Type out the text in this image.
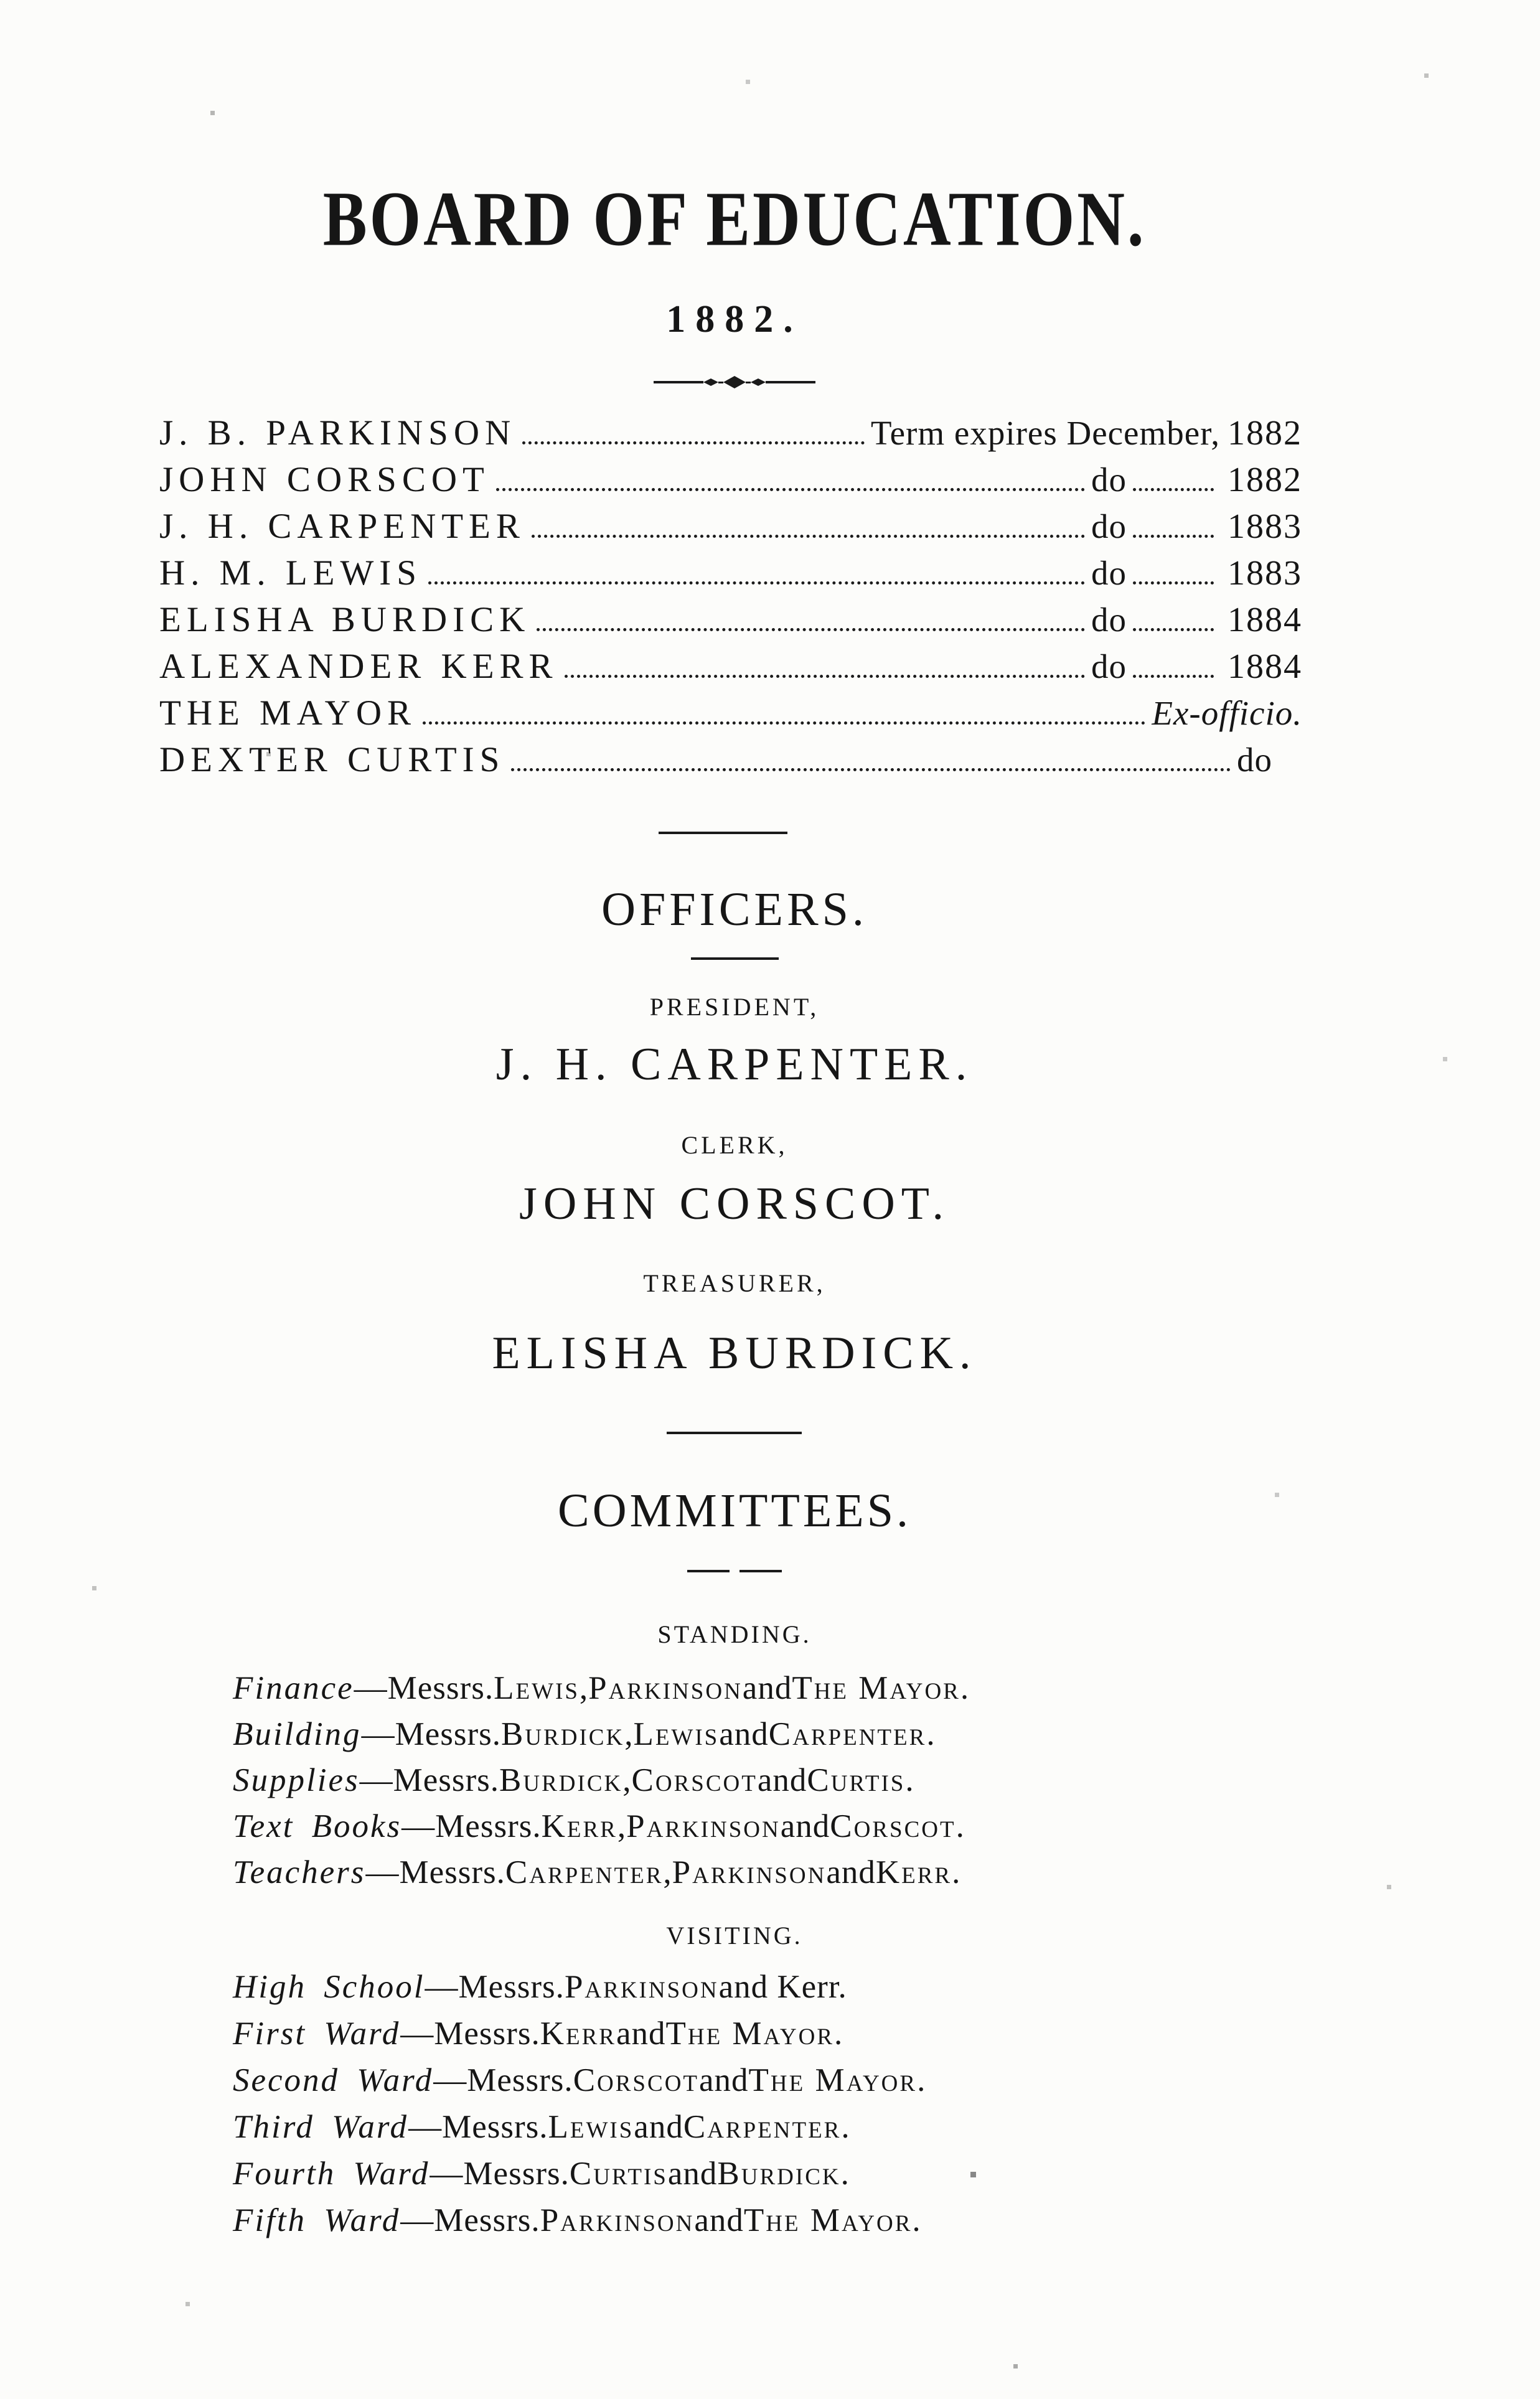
BOARD OF EDUCATION.
1882.
J. B. PARKINSON	Term expires December, 1882
JOHN CORSCOT	do	1882
J. H. CARPENTER	do	1883
H. M. LEWIS	do	1883
ELISHA BURDICK	do	1884
ALEXANDER KERR	do	1884
THE MAYOR	Ex-officio.
DEXTER CURTIS	do
OFFICERS.
PRESIDENT,
J. H. CARPENTER.
CLERK,
JOHN CORSCOT.
TREASURER,
ELISHA BURDICK.
COMMITTEES.
STANDING.
Finance —Messrs. Lewis , Parkinson and The Mayor .
Building —Messrs. Burdick , Lewis and Carpenter .
Supplies —Messrs. Burdick , Corscot and Curtis .
Text Books —Messrs. Kerr , Parkinson and Corscot .
Teachers —Messrs. Carpenter , Parkinson and Kerr .
VISITING.
High School —Messrs. Parkinson and Kerr.
First Ward —Messrs. Kerr and The Mayor .
Second Ward —Messrs. Corscot and The Mayor .
Third Ward —Messrs. Lewis and Carpenter .
Fourth Ward —Messrs. Curtis and Burdick .
Fifth Ward —Messrs. Parkinson and The Mayor .
